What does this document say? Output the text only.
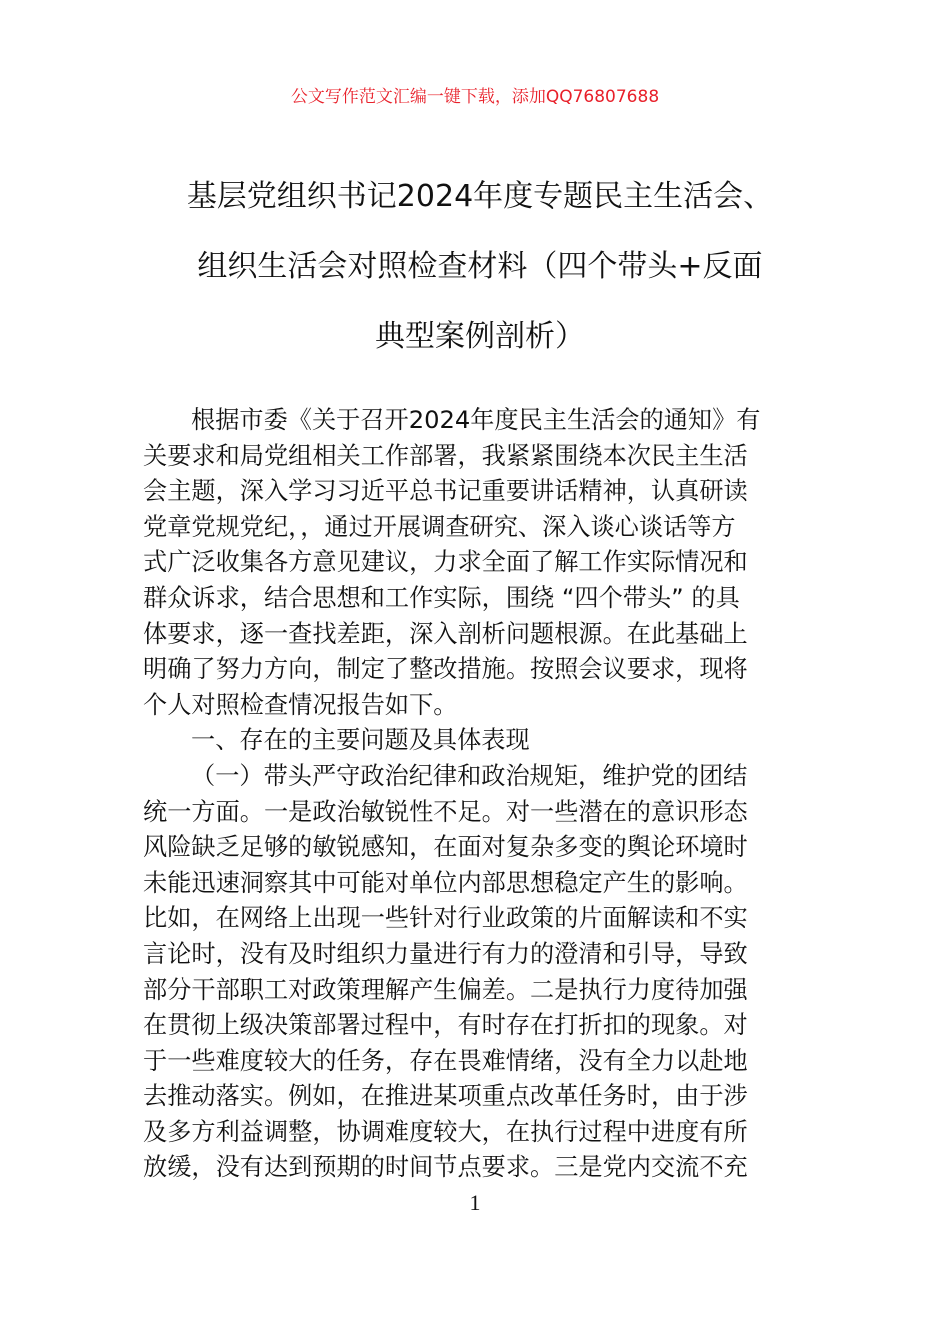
公文写作范文汇编一键下载，添加QQ76807688
基层党组织书记2024年度专题民主生活会、
组织生活会对照检查材料（四个带头+反面
典型案例剖析）
根据市委《关于召开2024年度民主生活会的通知》有
关要求和局党组相关工作部署，我紧紧围绕本次民主生活
会主题，深入学习习近平总书记重要讲话精神，认真研读
党章党规党纪，，通过开展调查研究、深入谈心谈话等方
式广泛收集各方意见建议，力求全面了解工作实际情况和
群众诉求，结合思想和工作实际，围绕 “四个带头” 的具
体要求，逐一查找差距，深入剖析问题根源。在此基础上
明确了努力方向，制定了整改措施。按照会议要求，现将
个人对照检查情况报告如下。
一、存在的主要问题及具体表现
（一）带头严守政治纪律和政治规矩，维护党的团结
统一方面。一是政治敏锐性不足。对一些潜在的意识形态
风险缺乏足够的敏锐感知，在面对复杂多变的舆论环境时
未能迅速洞察其中可能对单位内部思想稳定产生的影响。
比如，在网络上出现一些针对行业政策的片面解读和不实
言论时，没有及时组织力量进行有力的澄清和引导，导致
部分干部职工对政策理解产生偏差。二是执行力度待加强
在贯彻上级决策部署过程中，有时存在打折扣的现象。对
于一些难度较大的任务，存在畏难情绪，没有全力以赴地
去推动落实。例如，在推进某项重点改革任务时，由于涉
及多方利益调整，协调难度较大，在执行过程中进度有所
放缓，没有达到预期的时间节点要求。三是党内交流不充
1
